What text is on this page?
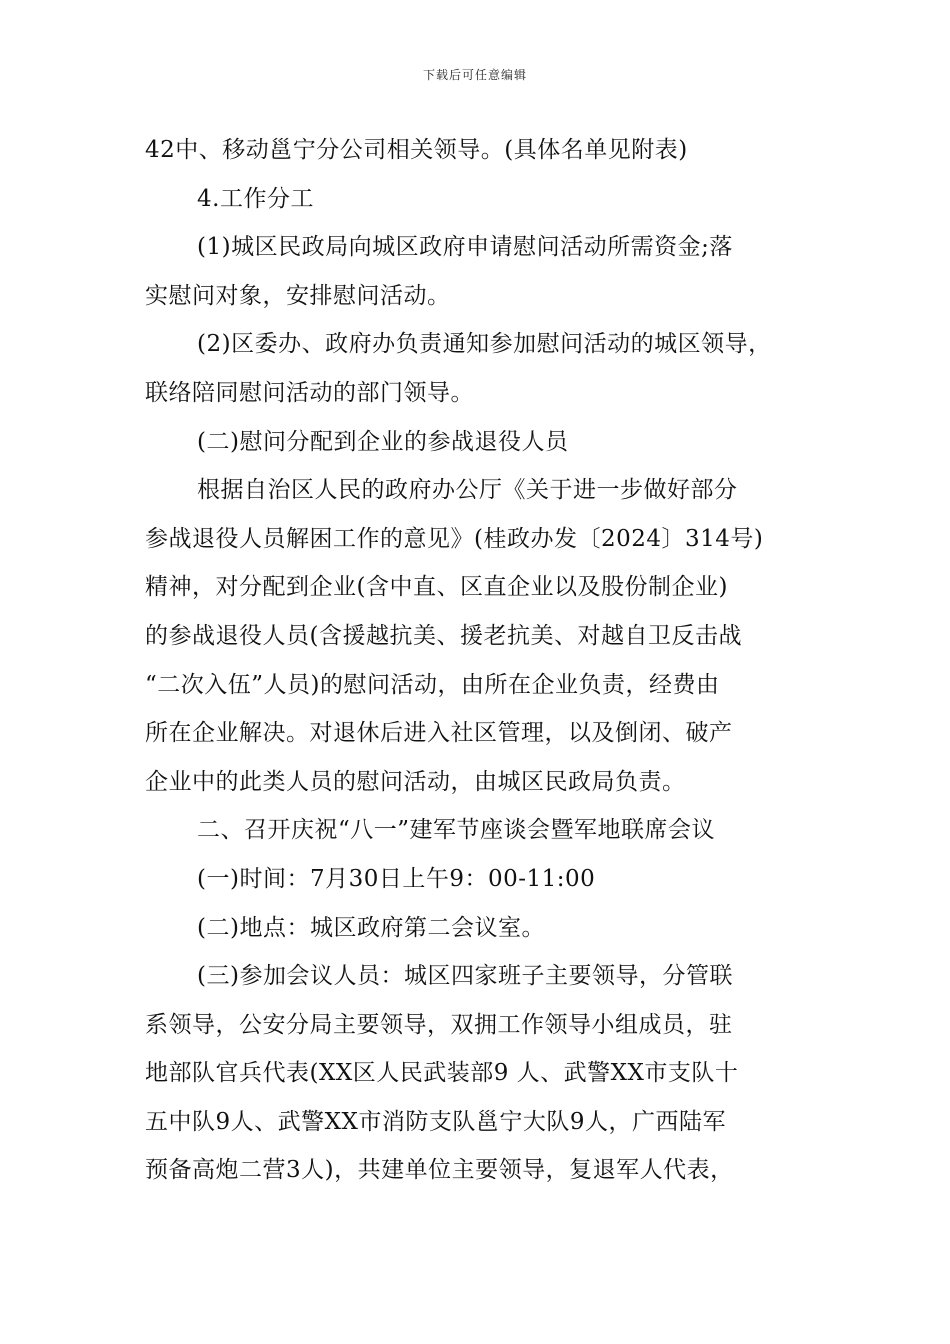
下载后可任意编辑
42中、移动邕宁分公司相关领导。(具体名单见附表)
4.工作分工
(1)城区民政局向城区政府申请慰问活动所需资金;落
实慰问对象，安排慰问活动。
(2)区委办、政府办负责通知参加慰问活动的城区领导，
联络陪同慰问活动的部门领导。
(二)慰问分配到企业的参战退役人员
根据自治区人民的政府办公厅《关于进一步做好部分
参战退役人员解困工作的意见》(桂政办发〔2024〕314号)
精神，对分配到企业(含中直、区直企业以及股份制企业)
的参战退役人员(含援越抗美、援老抗美、对越自卫反击战
“二次入伍”人员)的慰问活动，由所在企业负责，经费由
所在企业解决。对退休后进入社区管理，以及倒闭、破产
企业中的此类人员的慰问活动，由城区民政局负责。
二、召开庆祝“八一”建军节座谈会暨军地联席会议
(一)时间：7月30日上午9：00-11:00
(二)地点：城区政府第二会议室。
(三)参加会议人员：城区四家班子主要领导，分管联
系领导，公安分局主要领导，双拥工作领导小组成员，驻
地部队官兵代表(XX区人民武装部9 人、武警XX市支队十
五中队9人、武警XX市消防支队邕宁大队9人，广西陆军
预备高炮二营3人)，共建单位主要领导，复退军人代表，
